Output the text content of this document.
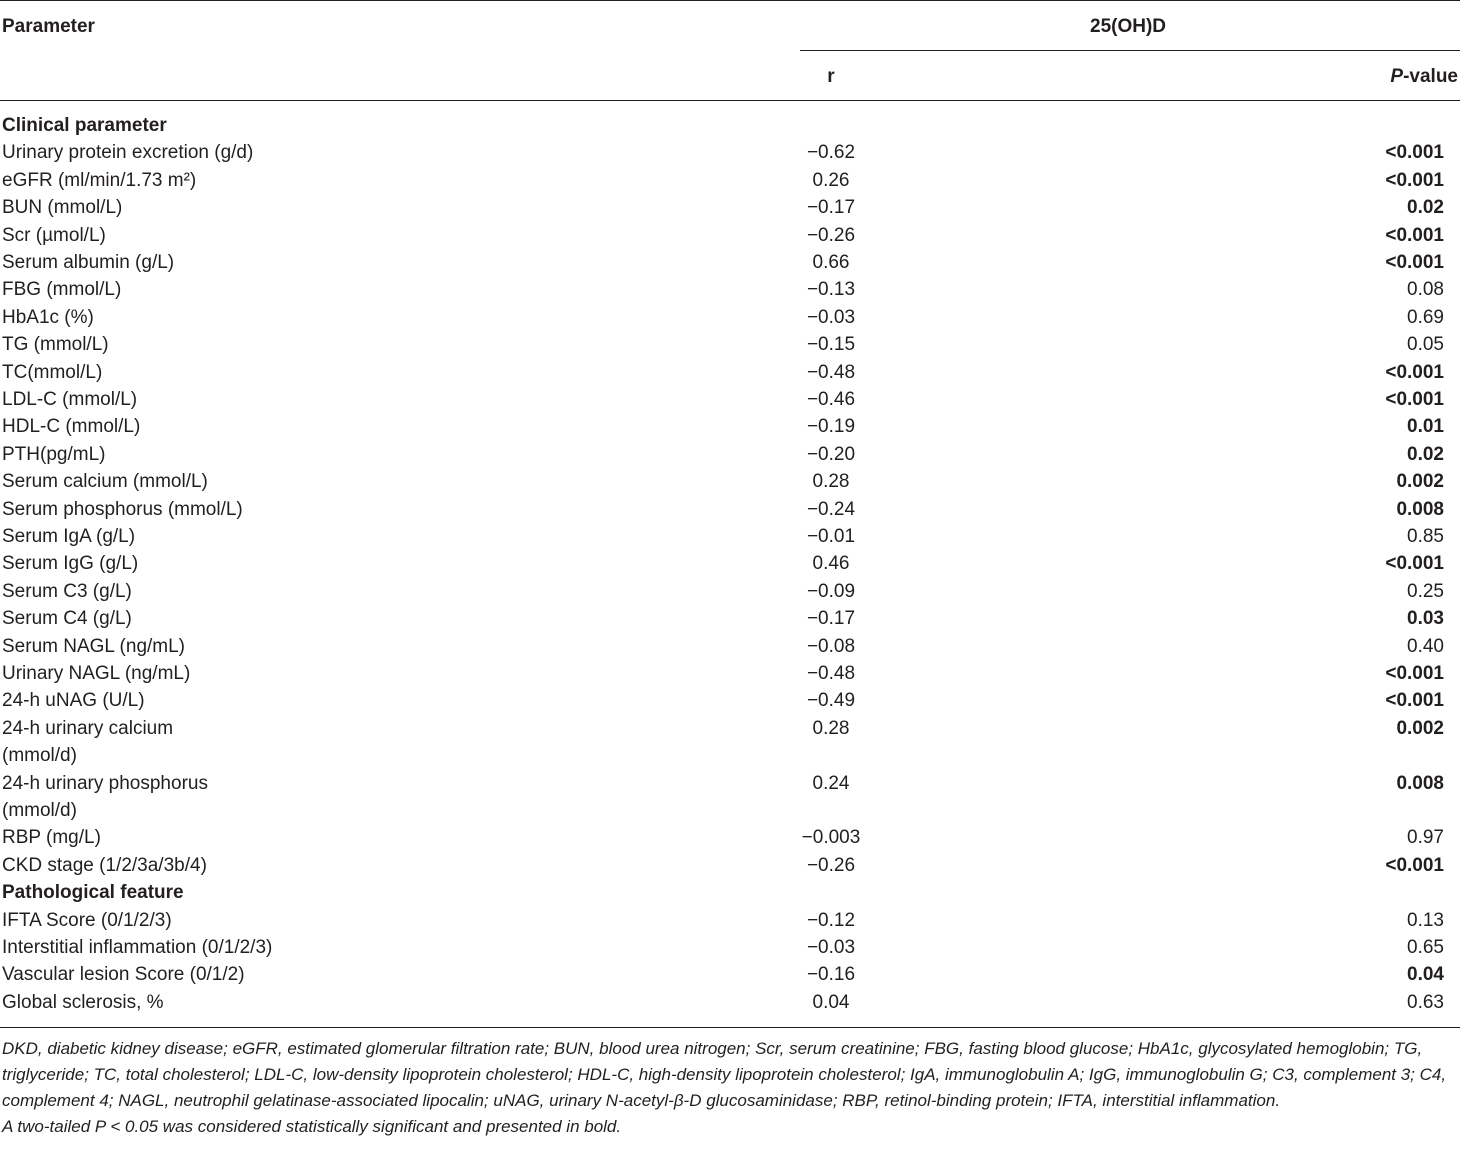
Parameter	25(OH)D
r	P-value
Clinical parameter
Urinary protein excretion (g/d)	−0.62	<0.001
eGFR (ml/min/1.73 m²)	0.26	<0.001
BUN (mmol/L)	−0.17	0.02
Scr (µmol/L)	−0.26	<0.001
Serum albumin (g/L)	0.66	<0.001
FBG (mmol/L)	−0.13	0.08
HbA1c (%)	−0.03	0.69
TG (mmol/L)	−0.15	0.05
TC(mmol/L)	−0.48	<0.001
LDL-C (mmol/L)	−0.46	<0.001
HDL-C (mmol/L)	−0.19	0.01
PTH(pg/mL)	−0.20	0.02
Serum calcium (mmol/L)	0.28	0.002
Serum phosphorus (mmol/L)	−0.24	0.008
Serum IgA (g/L)	−0.01	0.85
Serum IgG (g/L)	0.46	<0.001
Serum C3 (g/L)	−0.09	0.25
Serum C4 (g/L)	−0.17	0.03
Serum NAGL (ng/mL)	−0.08	0.40
Urinary NAGL (ng/mL)	−0.48	<0.001
24-h uNAG (U/L)	−0.49	<0.001
24-h urinary calcium	0.28	0.002
(mmol/d)
24-h urinary phosphorus	0.24	0.008
(mmol/d)
RBP (mg/L)	−0.003	0.97
CKD stage (1/2/3a/3b/4)	−0.26	<0.001
Pathological feature
IFTA Score (0/1/2/3)	−0.12	0.13
Interstitial inflammation (0/1/2/3)	−0.03	0.65
Vascular lesion Score (0/1/2)	−0.16	0.04
Global sclerosis, %	0.04	0.63

DKD, diabetic kidney disease; eGFR, estimated glomerular filtration rate; BUN, blood urea nitrogen; Scr, serum creatinine; FBG, fasting blood glucose; HbA1c, glycosylated hemoglobin; TG, triglyceride; TC, total cholesterol; LDL-C, low-density lipoprotein cholesterol; HDL-C, high-density lipoprotein cholesterol; IgA, immunoglobulin A; IgG, immunoglobulin G; C3, complement 3; C4, complement 4; NAGL, neutrophil gelatinase-associated lipocalin; uNAG, urinary N-acetyl-β-D glucosaminidase; RBP, retinol-binding protein; IFTA, interstitial inflammation.

A two-tailed P < 0.05 was considered statistically significant and presented in bold.
